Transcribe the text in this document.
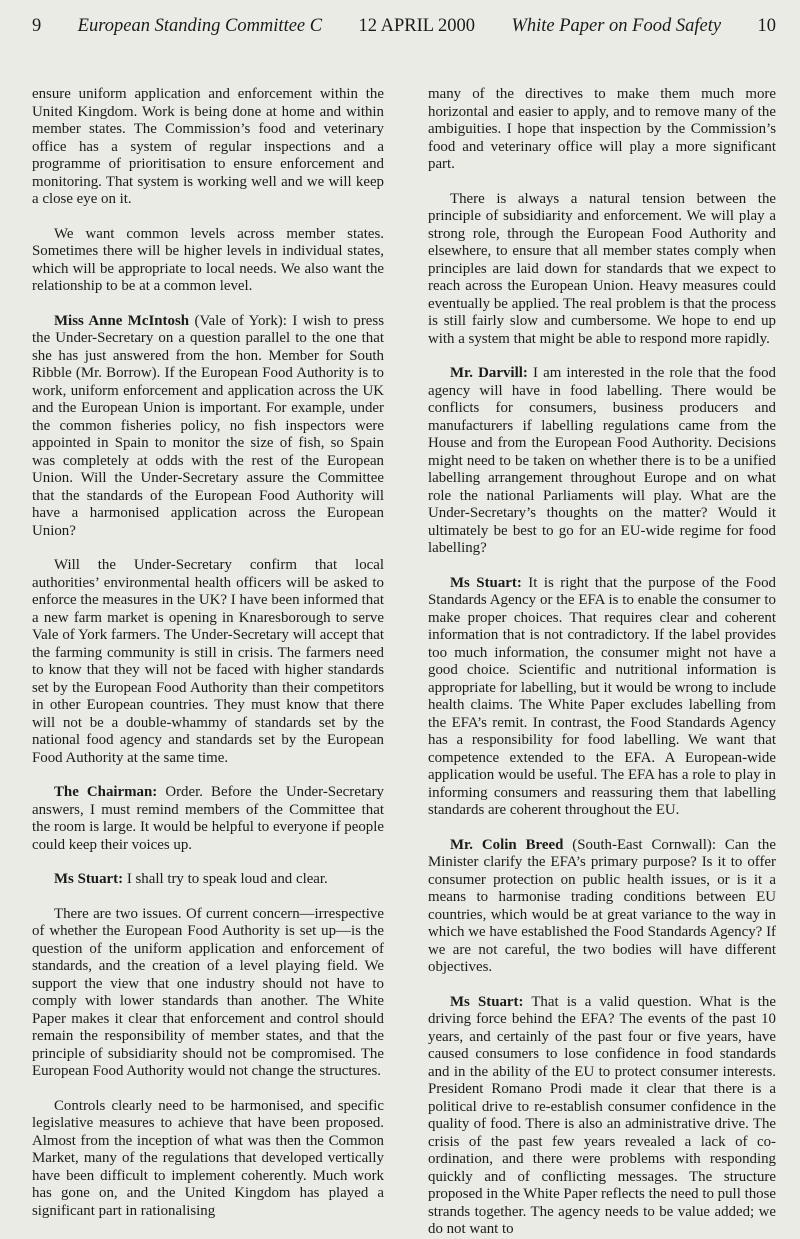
9 European Standing Committee C 12 APRIL 2000 White Paper on Food Safety 10

ensure uniform application and enforcement within the United Kingdom. Work is being done at home and within member states. The Commission’s food and veterinary office has a system of regular inspections and a programme of prioritisation to ensure enforcement and monitoring. That system is working well and we will keep a close eye on it.

We want common levels across member states. Sometimes there will be higher levels in individual states, which will be appropriate to local needs. We also want the relationship to be at a common level.

Miss Anne McIntosh (Vale of York): I wish to press the Under-Secretary on a question parallel to the one that she has just answered from the hon. Member for South Ribble (Mr. Borrow). If the European Food Authority is to work, uniform enforcement and application across the UK and the European Union is important. For example, under the common fisheries policy, no fish inspectors were appointed in Spain to monitor the size of fish, so Spain was completely at odds with the rest of the European Union. Will the Under-Secretary assure the Committee that the standards of the European Food Authority will have a harmonised application across the European Union?

Will the Under-Secretary confirm that local authorities’ environmental health officers will be asked to enforce the measures in the UK? I have been informed that a new farm market is opening in Knaresborough to serve Vale of York farmers. The Under-Secretary will accept that the farming community is still in crisis. The farmers need to know that they will not be faced with higher standards set by the European Food Authority than their competitors in other European countries. They must know that there will not be a double-whammy of standards set by the national food agency and standards set by the European Food Authority at the same time.

The Chairman: Order. Before the Under-Secretary answers, I must remind members of the Committee that the room is large. It would be helpful to everyone if people could keep their voices up.

Ms Stuart: I shall try to speak loud and clear.

There are two issues. Of current concern—irrespective of whether the European Food Authority is set up—is the question of the uniform application and enforcement of standards, and the creation of a level playing field. We support the view that one industry should not have to comply with lower standards than another. The White Paper makes it clear that enforcement and control should remain the responsibility of member states, and that the principle of subsidiarity should not be compromised. The European Food Authority would not change the structures.

Controls clearly need to be harmonised, and specific legislative measures to achieve that have been proposed. Almost from the inception of what was then the Common Market, many of the regulations that developed vertically have been difficult to implement coherently. Much work has gone on, and the United Kingdom has played a significant part in rationalising

many of the directives to make them much more horizontal and easier to apply, and to remove many of the ambiguities. I hope that inspection by the Commission’s food and veterinary office will play a more significant part.

There is always a natural tension between the principle of subsidiarity and enforcement. We will play a strong role, through the European Food Authority and elsewhere, to ensure that all member states comply when principles are laid down for standards that we expect to reach across the European Union. Heavy measures could eventually be applied. The real problem is that the process is still fairly slow and cumbersome. We hope to end up with a system that might be able to respond more rapidly.

Mr. Darvill: I am interested in the role that the food agency will have in food labelling. There would be conflicts for consumers, business producers and manufacturers if labelling regulations came from the House and from the European Food Authority. Decisions might need to be taken on whether there is to be a unified labelling arrangement throughout Europe and on what role the national Parliaments will play. What are the Under-Secretary’s thoughts on the matter? Would it ultimately be best to go for an EU-wide regime for food labelling?

Ms Stuart: It is right that the purpose of the Food Standards Agency or the EFA is to enable the consumer to make proper choices. That requires clear and coherent information that is not contradictory. If the label provides too much information, the consumer might not have a good choice. Scientific and nutritional information is appropriate for labelling, but it would be wrong to include health claims. The White Paper excludes labelling from the EFA’s remit. In contrast, the Food Standards Agency has a responsibility for food labelling. We want that competence extended to the EFA. A European-wide application would be useful. The EFA has a role to play in informing consumers and reassuring them that labelling standards are coherent throughout the EU.

Mr. Colin Breed (South-East Cornwall): Can the Minister clarify the EFA’s primary purpose? Is it to offer consumer protection on public health issues, or is it a means to harmonise trading conditions between EU countries, which would be at great variance to the way in which we have established the Food Standards Agency? If we are not careful, the two bodies will have different objectives.

Ms Stuart: That is a valid question. What is the driving force behind the EFA? The events of the past 10 years, and certainly of the past four or five years, have caused consumers to lose confidence in food standards and in the ability of the EU to protect consumer interests. President Romano Prodi made it clear that there is a political drive to re-establish consumer confidence in the quality of food. There is also an administrative drive. The crisis of the past few years revealed a lack of co-ordination, and there were problems with responding quickly and of conflicting messages. The structure proposed in the White Paper reflects the need to pull those strands together. The agency needs to be value added; we do not want to
